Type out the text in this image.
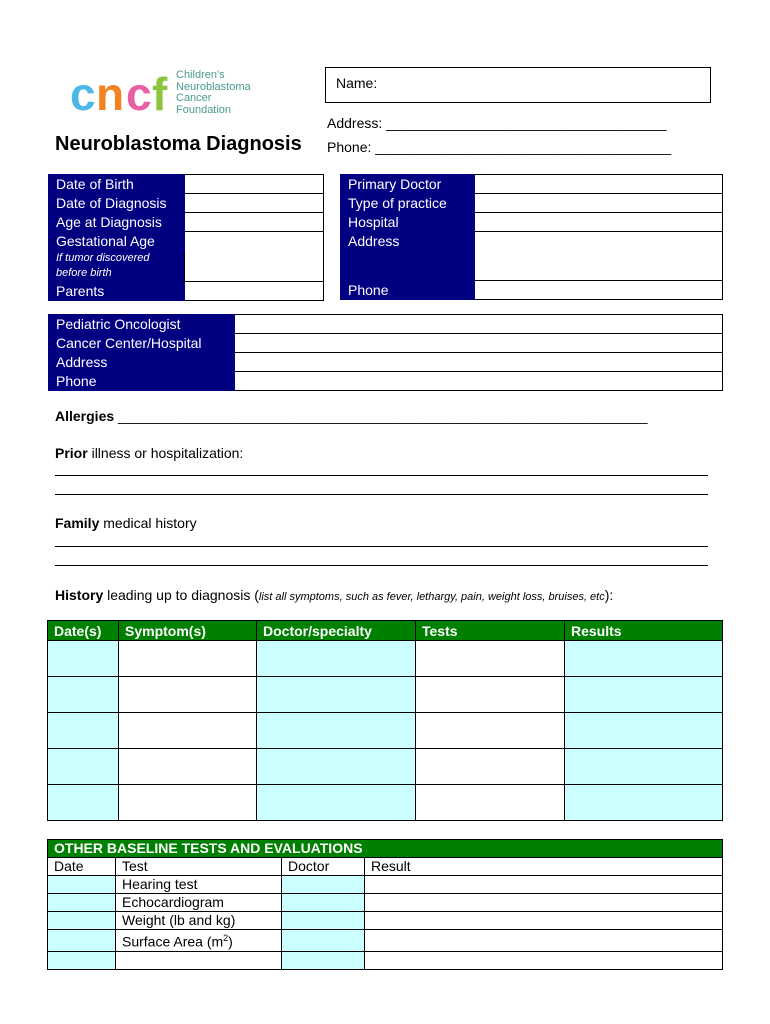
c n c f Children's
Neuroblastoma
Cancer
Foundation
Neuroblastoma Diagnosis
Name:
Address: ____________________________________
Phone: ______________________________________
Date of Birth	
Date of Diagnosis	
Age at Diagnosis	
Gestational Age	

If tumor discovered
before birth	

Parents	
Primary Doctor	
Type of practice	
Hospital	
Address	
Phone	
Pediatric Oncologist	
Cancer Center/Hospital	
Address	
Phone	
Allergies ____________________________________________________________________
Prior illness or hospitalization:
Family medical history
History leading up to diagnosis (list all symptoms, such as fever, lethargy, pain, weight loss, bruises, etc):
Date(s)	Symptom(s)	Doctor/specialty	Tests	Results

OTHER BASELINE TESTS AND EVALUATIONS			
Date	Test	Doctor	Result
	Hearing test		
	Echocardiogram		
	Weight (lb and kg)		
	Surface Area $(m^2)$		
